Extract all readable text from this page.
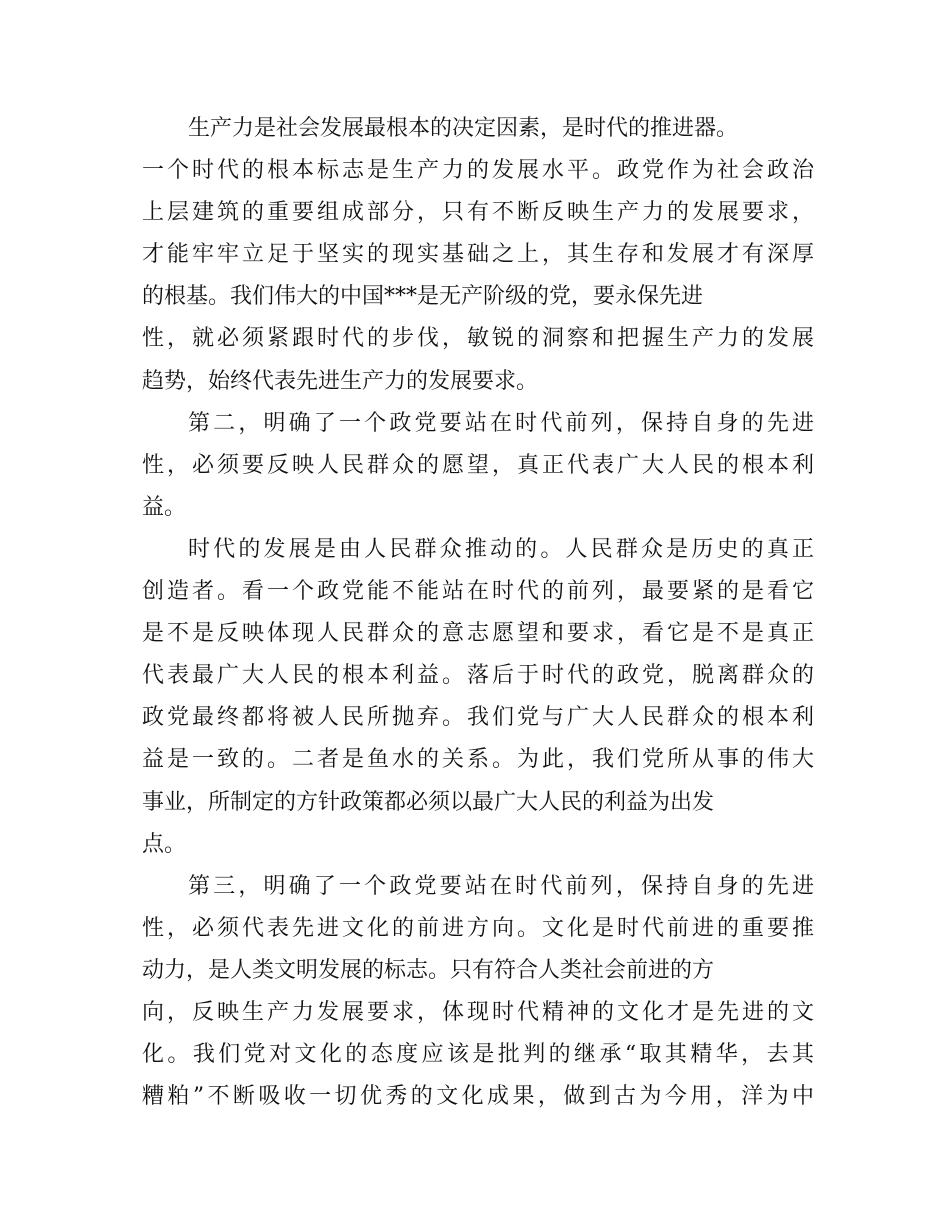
生产力是社会发展最根本的决定因素，是时代的推进器。
一个时代的根本标志是生产力的发展水平。政党作为社会政治
上层建筑的重要组成部分，只有不断反映生产力的发展要求，
才能牢牢立足于坚实的现实基础之上，其生存和发展才有深厚
的根基。我们伟大的中国***是无产阶级的党，要永保先进
性，就必须紧跟时代的步伐，敏锐的洞察和把握生产力的发展
趋势，始终代表先进生产力的发展要求。
第二，明确了一个政党要站在时代前列，保持自身的先进
性，必须要反映人民群众的愿望，真正代表广大人民的根本利
益。
时代的发展是由人民群众推动的。人民群众是历史的真正
创造者。看一个政党能不能站在时代的前列，最要紧的是看它
是不是反映体现人民群众的意志愿望和要求，看它是不是真正
代表最广大人民的根本利益。落后于时代的政党，脱离群众的
政党最终都将被人民所抛弃。我们党与广大人民群众的根本利
益是一致的。二者是鱼水的关系。为此，我们党所从事的伟大
事业，所制定的方针政策都必须以最广大人民的利益为出发
点。
第三，明确了一个政党要站在时代前列，保持自身的先进
性，必须代表先进文化的前进方向。文化是时代前进的重要推
动力，是人类文明发展的标志。只有符合人类社会前进的方
向，反映生产力发展要求，体现时代精神的文化才是先进的文
化。我们党对文化的态度应该是批判的继承“取其精华，去其
糟粕”不断吸收一切优秀的文化成果，做到古为今用，洋为中
